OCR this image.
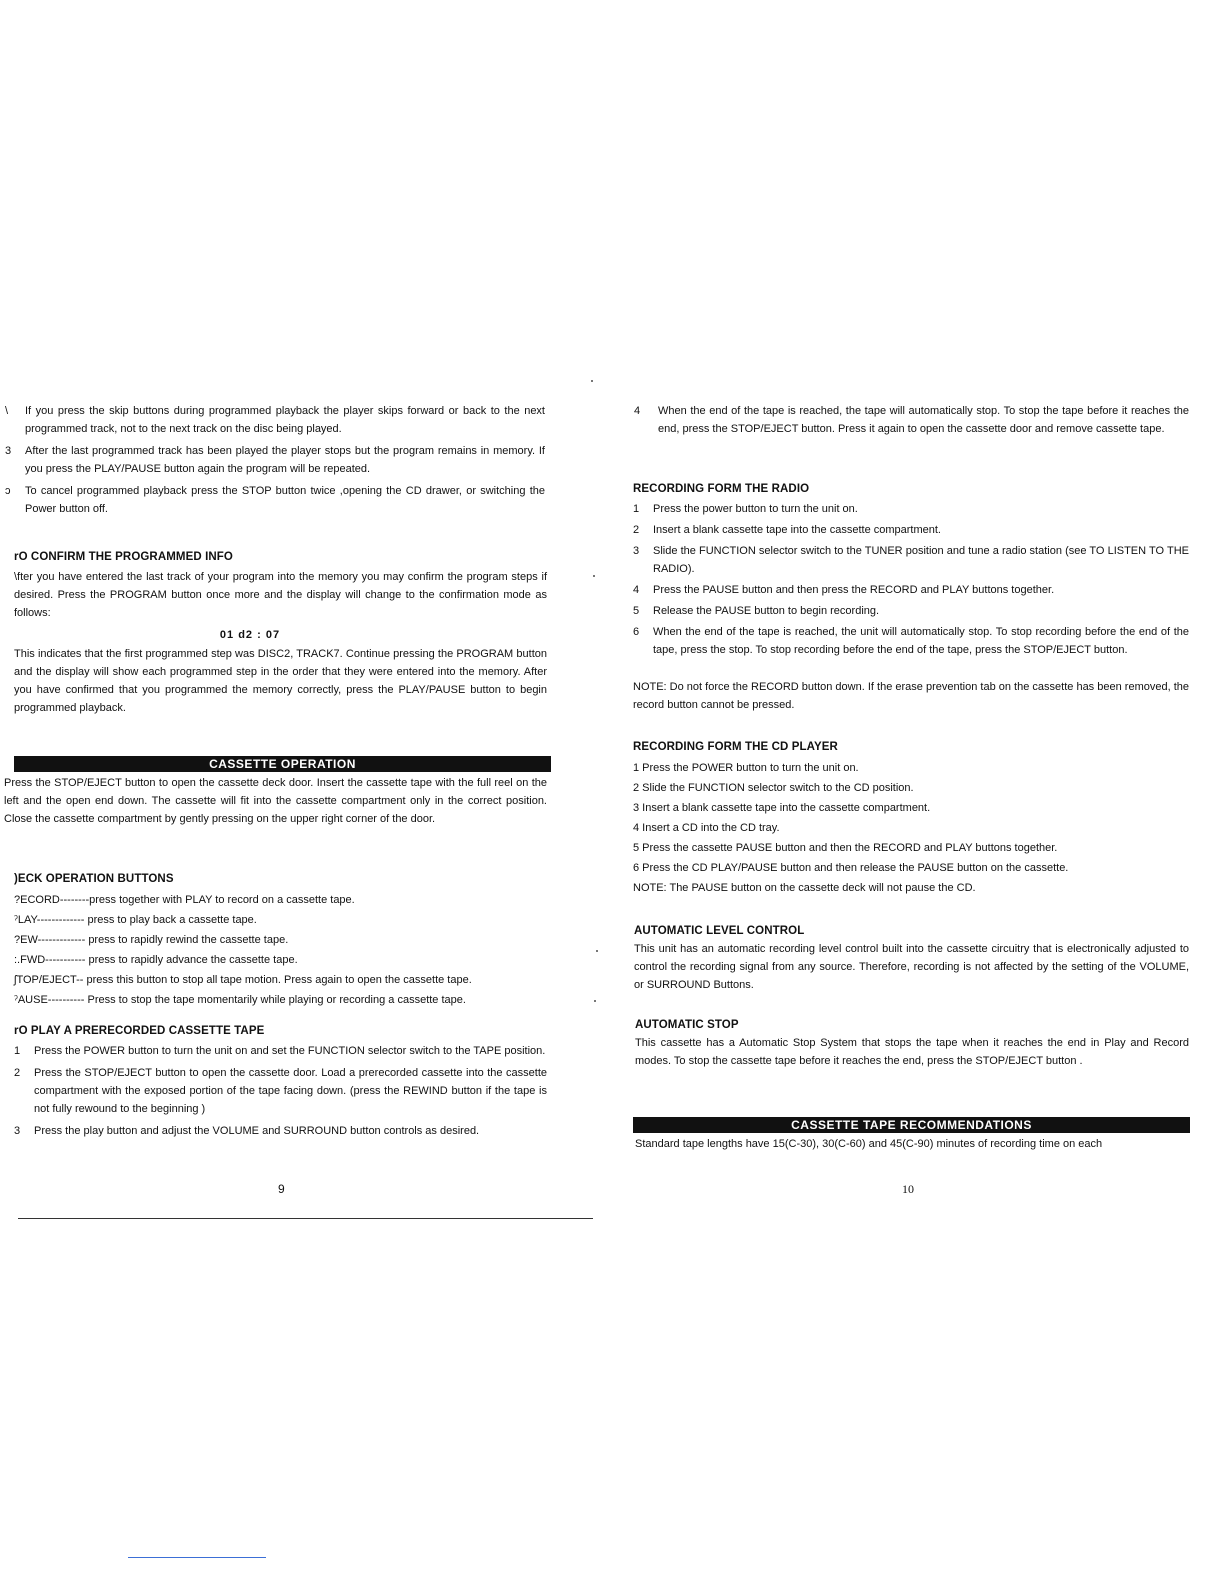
\	If you press the skip buttons during programmed playback the player skips forward or back to the next programmed track, not to the next track on the disc being played.
3	After the last programmed track has been played the player stops but the program remains in memory. If you press the PLAY/PAUSE button again the program will be repeated.
ɔ	To cancel programmed playback press the STOP button twice ,opening the CD drawer, or switching the Power button off.
rO CONFIRM THE PROGRAMMED INFO
\fter you have entered the last track of your program into the memory you may confirm the program steps if desired. Press the PROGRAM button once more and the display will change to the confirmation mode as follows:
01 d2 : 07
This indicates that the first programmed step was DISC2, TRACK7. Continue pressing the PROGRAM button and the display will show each programmed step in the order that they were entered into the memory. After you have confirmed that you programmed the memory correctly, press the PLAY/PAUSE button to begin programmed playback.
CASSETTE OPERATION
Press the STOP/EJECT button to open the cassette deck door. Insert the cassette tape with the full reel on the left and the open end down. The cassette will fit into the cassette compartment only in the correct position. Close the cassette compartment by gently pressing on the upper right corner of the door.
)ECK OPERATION BUTTONS
?ECORD--------press together with PLAY to record on a cassette tape.
ˀLAY------------- press to play back a cassette tape.
?EW------------- press to rapidly rewind the cassette tape.
:.FWD----------- press to rapidly advance the cassette tape.
ʃTOP/EJECT-- press this button to stop all tape motion. Press again to open the cassette tape.
ˀAUSE---------- Press to stop the tape momentarily while playing or recording a cassette tape.
rO PLAY A PRERECORDED CASSETTE TAPE
1	Press the POWER button to turn the unit on and set the FUNCTION selector switch to the TAPE position.
2	Press the STOP/EJECT button to open the cassette door. Load a prerecorded cassette into the cassette compartment with the exposed portion of the tape facing down. (press the REWIND button if the tape is not fully rewound to the beginning )
3	Press the play button and adjust the VOLUME and SURROUND button controls as desired.
9
4	When the end of the tape is reached, the tape will automatically stop. To stop the tape before it reaches the end, press the STOP/EJECT button. Press it again to open the cassette door and remove cassette tape.
RECORDING FORM THE RADIO
1	Press the power button to turn the unit on.
2	Insert a blank cassette tape into the cassette compartment.
3	Slide the FUNCTION selector switch to the TUNER position and tune a radio station (see TO LISTEN TO THE RADIO).
4	Press the PAUSE button and then press the RECORD and PLAY buttons together.
5	Release the PAUSE button to begin recording.
6	When the end of the tape is reached, the unit will automatically stop. To stop recording before the end of the tape, press the stop. To stop recording before the end of the tape, press the STOP/EJECT button.
NOTE: Do not force the RECORD button down. If the erase prevention tab on the cassette has been removed, the record button cannot be pressed.
RECORDING FORM THE CD PLAYER
1 Press the POWER button to turn the unit on.
2 Slide the FUNCTION selector switch to the CD position.
3 Insert a blank cassette tape into the cassette compartment.
4 Insert a CD into the CD tray.
5 Press the cassette PAUSE button and then the RECORD and PLAY buttons together.
6 Press the CD PLAY/PAUSE button and then release the PAUSE button on the cassette.
NOTE: The PAUSE button on the cassette deck will not pause the CD.
AUTOMATIC LEVEL CONTROL
This unit has an automatic recording level control built into the cassette circuitry that is electronically adjusted to control the recording signal from any source. Therefore, recording is not affected by the setting of the VOLUME, or SURROUND Buttons.
AUTOMATIC STOP
This cassette has a Automatic Stop System that stops the tape when it reaches the end in Play and Record modes. To stop the cassette tape before it reaches the end, press the STOP/EJECT button .
CASSETTE TAPE RECOMMENDATIONS
Standard tape lengths have 15(C-30), 30(C-60) and 45(C-90) minutes of recording time on each
10
